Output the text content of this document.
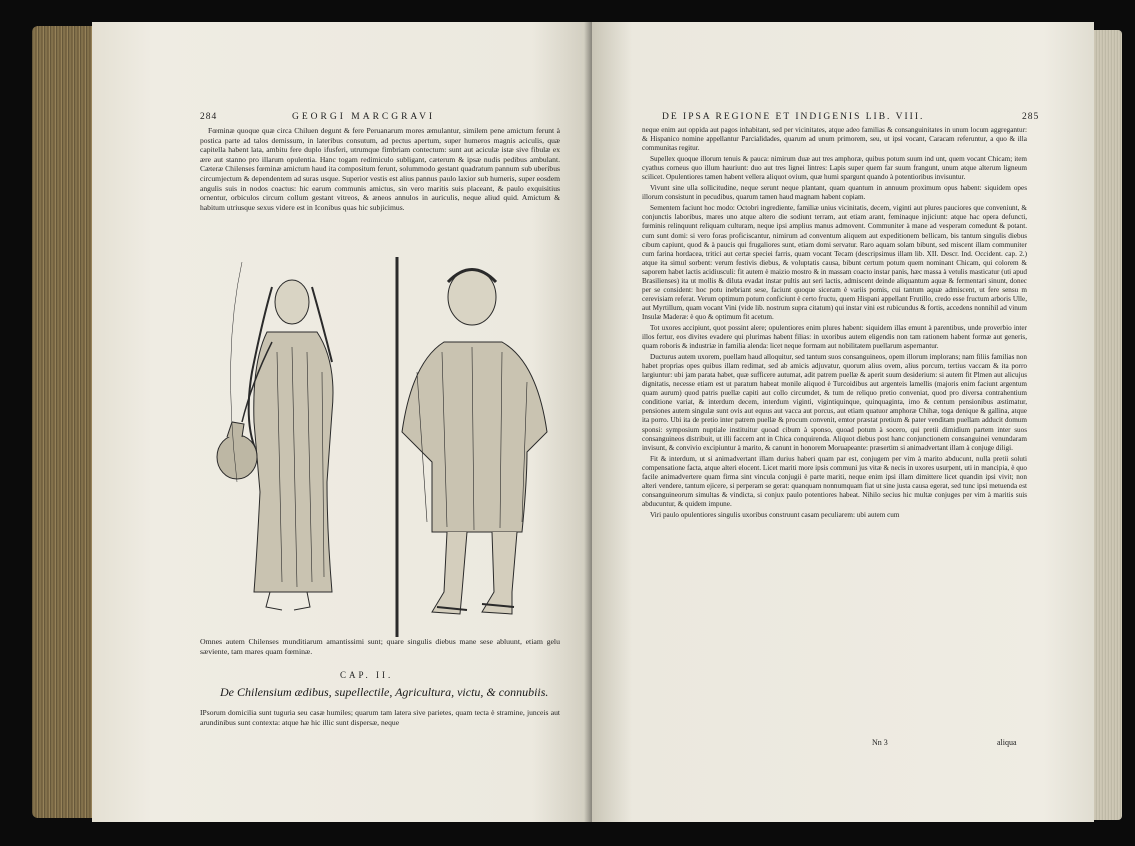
284	GEORGI MARCGRAVI

Fœminæ quoque quæ circa Chiluen degunt & fere Peruanarum mores æmulantur, similem pene amictum ferunt à postica parte ad talos demissum, in lateribus consutum, ad pectus apertum, super humeros magnis aciculis, quæ capitella habent lata, ambitu fere duplo ifusferi, utrumque fimbriam contectum: sunt aut aciculæ istæ sive fibulæ ex ære aut stanno pro illarum opulentia. Hanc togam redimiculo subligant, cæterum & ipsæ nudis pedibus ambulant. Cæteræ Chilenses fœminæ amictum haud ita compositum ferunt, solummodo gestant quadratum pannum sub uberibus circumjectum & dependentem ad suras usque. Superior vestis est alius pannus paulo laxior sub humeris, super eosdem angulis suis in nodos coactus: hic earum communis amictus, sin vero maritis suis placeant, & paulo exquisitius ornentur, orbiculos circum collum gestant vitreos, & æneos annulos in auriculis, neque aliud quid. Amictum & habitum utriusque sexus videre est in Iconibus quas hic subjicimus.

Omnes autem Chilenses munditiarum amantissimi sunt; quare singulis diebus mane sese abluunt, etiam gelu sæviente, tam mares quam fœminæ.
CAP. II.
De Chilensium ædibus, supellectile, Agricultura, victu, & connubiis.
IPsorum domicilia sunt tuguria seu casæ humiles; quarum tam latera sive parietes, quam tecta è stramine, junceis aut arundinibus sunt contexta: atque hæ hic illic sunt dispersæ, neque
DE IPSA REGIONE ET INDIGENIS LIB. VIII.	285

neque enim aut oppida aut pagos inhabitant, sed per vicinitates, atque adeo familias & consanguinitates in unum locum aggregantur: & Hispanico nomine appellantur Parcialidades, quarum ad unum primorem, seu, ut ipsi vocant, Caracam referuntur, a quo & illa communitas regitur.

Supellex quoque illorum tenuis & pauca: nimirum duæ aut tres amphoræ, quibus potum suum ind unt, quem vocant Chicam; item cyathus corneus quo illum hauriunt: duo aut tres lignei lintres: Lapis super quem far suum frangunt, unum atque alterum ligneum scilicet. Opulentiores tamen habent vellera aliquot ovium, quæ humi spargunt quando à potentioribus invisuntur.

Vivunt sine ulla sollicitudine, neque serunt neque plantant, quam quantum in annuum proximum opus habent: siquidem opes illorum consistunt in pecudibus, quarum tamen haud magnam habent copiam.

Sementem faciunt hoc modo: Octobri ingrediente, familiæ unius vicinitatis, decem, viginti aut plures pauciores que conveniunt, & conjunctis laboribus, mares uno atque altero die sodiunt terram, aut etiam arant, feminaque injiciunt: atque hac opera defuncti, fœminis relinquunt reliquam culturam, neque ipsi amplius manus admovent. Communiter à mane ad vesperam comedunt & potant. cum sunt domi: si vero foras proficiscantur, nimirum ad conventum aliquem aut expeditionem bellicam, bis tantum singulis diebus cibum capiunt, quod & à paucis qui frugaliores sunt, etiam domi servatur. Raro aquam solam bibunt, sed miscent illam communiter cum farina hordacea, tritici aut certæ speciei farris, quam vocant Tecam (descripsimus illam lib. XII. Descr. Ind. Occident. cap. 2.) atque ita simul sorbent: verum festivis diebus, & voluptatis causa, bibunt certum potum quem nominant Chicam, qui colorem & saporem habet lactis acidiusculi: fit autem è maizio mostro & in massam coacto instar panis, hæc massa à vetulis masticatur (uti apud Brasilienses) ita ut mollis & diluta evadat instar pultis aut seri lactis, admiscent deinde aliquantum aquæ & fermentari sinunt, donec per se consident: hoc potu inebriant sese, faciunt quoque siceram è variis pomis, cui tantum aquæ admiscent, ut fere sensu m cerevisiam referat. Verum optimum potum conficiunt è certo fructu, quem Hispani appellant Frutillo, credo esse fructum arboris Ulle, aut Myrtillum, quam vocant Vini (vide lib. nostrum supra citatum) qui instar vini est rubicundus & fortis, accedens nonnihil ad vinum Insulæ Maderæ: è quo & optimum fit acetum.

Tot uxores accipiunt, quot possint alere; opulentiores enim plures habent: siquidem illas emunt à parentibus, unde proverbio inter illos fertur, eos divites evadere qui plurimas habent filias: in uxoribus autem eligendis non tam rationem habent formæ aut generis, quam roboris & industriæ in familia alenda: licet neque formam aut nobilitatem puellarum aspernantur.

Ducturus autem uxorem, puellam haud alloquitur, sed tantum suos consanguineos, opem illorum implorans; nam filiis familias non habet proprias opes quibus illam redimat, sed ab amicis adjuvatur, quorum alius ovem, alius porcum, tertius vaccam & ita porro largiuntur: ubi jam parata habet, quæ sufficere autumat, adit patrem puellæ & aperit suum desiderium: si autem fit Plmen aut alicujus dignitatis, necesse etiam est ut paratum habeat monile aliquod è Turcoidibus aut argenteis lamellis (majoris enim faciunt argentum quam aurum) quod patris puellæ capiti aut collo circumdet, & tum de reliquo pretio conveniat, quod pro diversa contrahentium conditione variat, & interdum decem, interdum viginti, vigintiquinque, quinquaginta, imo & centum pensionibus æstimatur, pensiones autem singulæ sunt ovis aut equus aut vacca aut porcus, aut etiam quatuor amphoræ Chihæ, toga denique & gallina, atque ita porro. Ubi ita de pretio inter patrem puellæ & procum convenit, emtor præstat pretium & pater venditam puellam adducit domum sponsi: symposium nuptiale instituitur quoad cibum à sponso, quoad potum à socero, qui pretii dimidium partem inter suos consanguineos distribuit, ut illi faccem ant in Chica conquirenda. Aliquot diebus post hanc conjunctionem consanguinei venundaram invisunt, & convivio excipiuntur à marito, & canunt in honorem Moruapeante: præsertim si animadvertant illam à conjuge diligi.

Fit & interdum, ut si animadvertant illam durius haberi quam par est, conjugem per vim à marito abducunt, nulla pretii soluti compensatione facta, atque alteri elocent. Licet mariti more ipsis communi jus vitæ & necis in uxores usurpent, uti in mancipia, è quo facile animadvertere quam firma sint vincula conjugii è parte mariti, neque enim ipsi illam dimittere licet quandin ipsi vivit; non alteri vendere, tantum ejicere, si perperam se gerat: quanquam nonnumquam fiat ut sine justa causa egerat, sed tunc ipsi metuenda est consanguineorum simultas & vindicta, si conjux paulo potentiores habeat. Nihilo secius hic multæ conjuges per vim à maritis suis abducuntur, & quidem impune.

Viri paulo opulentiores singulis uxoribus construunt casam peculiarem: ubi autem cum

Nn 3	aliqua
